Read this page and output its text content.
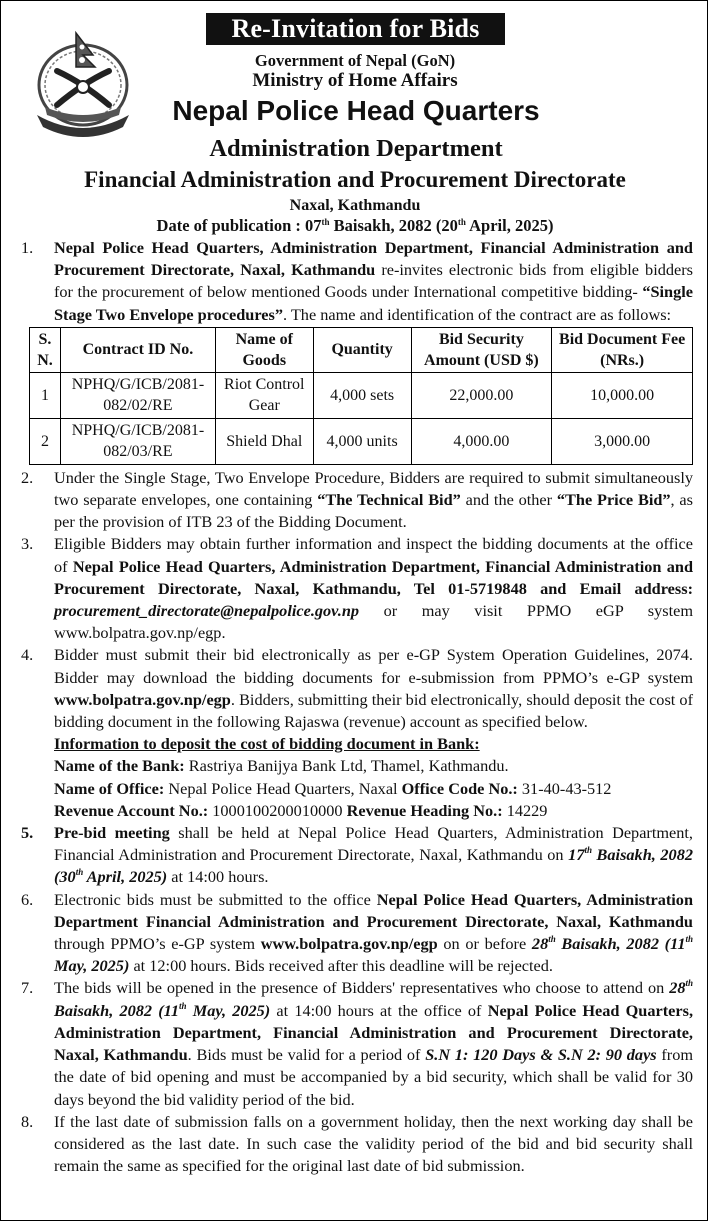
Re-Invitation for Bids
Government of Nepal (GoN)
Ministry of Home Affairs
Nepal Police Head Quarters
Administration Department
Financial Administration and Procurement Directorate
Naxal, Kathmandu
Date of publication : 07th Baisakh, 2082 (20th April, 2025)

1.	Nepal Police Head Quarters, Administration Department, Financial Administration and Procurement Directorate, Naxal, Kathmandu re-invites electronic bids from eligible bidders for the procurement of below mentioned Goods under International competitive bidding- “Single Stage Two Envelope procedures”. The name and identification of the contract are as follows:

S. N.	Contract ID No.	Name of Goods	Quantity	Bid Security Amount (USD $)	Bid Document Fee (NRs.)
1	NPHQ/G/ICB/2081-082/02/RE	Riot Control Gear	4,000 sets	22,000.00	10,000.00
2	NPHQ/G/ICB/2081-082/03/RE	Shield Dhal	4,000 units	4,000.00	3,000.00

2.	Under the Single Stage, Two Envelope Procedure, Bidders are required to submit simultaneously two separate envelopes, one containing “The Technical Bid” and the other “The Price Bid”, as per the provision of ITB 23 of the Bidding Document.

3.	Eligible Bidders may obtain further information and inspect the bidding documents at the office of Nepal Police Head Quarters, Administration Department, Financial Administration and Procurement Directorate, Naxal, Kathmandu, Tel 01-5719848 and Email address: procurement_directorate@nepalpolice.gov.np or may visit PPMO eGP system www.bolpatra.gov.np/egp.

4.	Bidder must submit their bid electronically as per e-GP System Operation Guidelines, 2074. Bidder may download the bidding documents for e-submission from PPMO’s e-GP system www.bolpatra.gov.np/egp. Bidders, submitting their bid electronically, should deposit the cost of bidding document in the following Rajaswa (revenue) account as specified below.

Information to deposit the cost of bidding document in Bank:
Name of the Bank: Rastriya Banijya Bank Ltd, Thamel, Kathmandu.
Name of Office: Nepal Police Head Quarters, Naxal Office Code No.: 31-40-43-512
Revenue Account No.: 1000100200010000 Revenue Heading No.: 14229

5.	Pre-bid meeting shall be held at Nepal Police Head Quarters, Administration Department, Financial Administration and Procurement Directorate, Naxal, Kathmandu on 17th Baisakh, 2082 (30th April, 2025) at 14:00 hours.

6.	Electronic bids must be submitted to the office Nepal Police Head Quarters, Administration Department Financial Administration and Procurement Directorate, Naxal, Kathmandu through PPMO’s e-GP system www.bolpatra.gov.np/egp on or before 28th Baisakh, 2082 (11th May, 2025) at 12:00 hours. Bids received after this deadline will be rejected.

7.	The bids will be opened in the presence of Bidders' representatives who choose to attend on 28th Baisakh, 2082 (11th May, 2025) at 14:00 hours at the office of Nepal Police Head Quarters, Administration Department, Financial Administration and Procurement Directorate, Naxal, Kathmandu. Bids must be valid for a period of S.N 1: 120 Days & S.N 2: 90 days from the date of bid opening and must be accompanied by a bid security, which shall be valid for 30 days beyond the bid validity period of the bid.

8.	If the last date of submission falls on a government holiday, then the next working day shall be considered as the last date. In such case the validity period of the bid and bid security shall remain the same as specified for the original last date of bid submission.
